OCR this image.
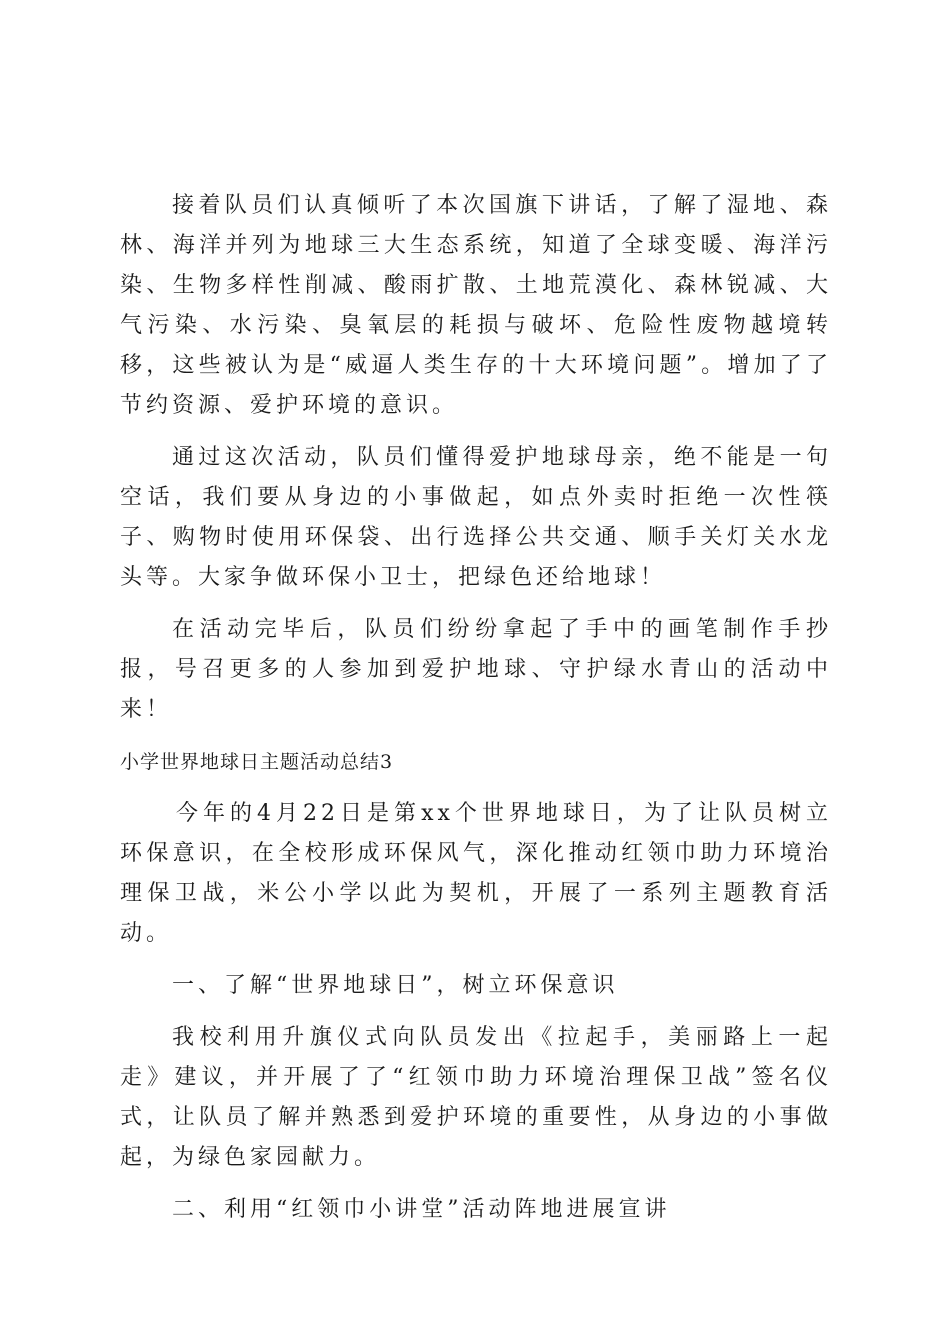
接着队员们认真倾听了本次国旗下讲话，了解了湿地、森林、海洋并列为地球三大生态系统，知道了全球变暖、海洋污染、生物多样性削减、酸雨扩散、土地荒漠化、森林锐减、大气污染、水污染、臭氧层的耗损与破坏、危险性废物越境转移，这些被认为是“威逼人类生存的十大环境问题”。增加了了节约资源、爱护环境的意识。

通过这次活动，队员们懂得爱护地球母亲，绝不能是一句空话，我们要从身边的小事做起，如点外卖时拒绝一次性筷子、购物时使用环保袋、出行选择公共交通、顺手关灯关水龙头等。大家争做环保小卫士，把绿色还给地球！

在活动完毕后，队员们纷纷拿起了手中的画笔制作手抄报，号召更多的人参加到爱护地球、守护绿水青山的活动中来！

小学世界地球日主题活动总结3

今年的4月22日是第xx个世界地球日，为了让队员树立环保意识，在全校形成环保风气，深化推动红领巾助力环境治理保卫战，米公小学以此为契机，开展了一系列主题教育活动。

一、了解“世界地球日”，树立环保意识

我校利用升旗仪式向队员发出《拉起手，美丽路上一起走》建议，并开展了了“红领巾助力环境治理保卫战”签名仪式，让队员了解并熟悉到爱护环境的重要性，从身边的小事做起，为绿色家园献力。

二、利用“红领巾小讲堂”活动阵地进展宣讲
